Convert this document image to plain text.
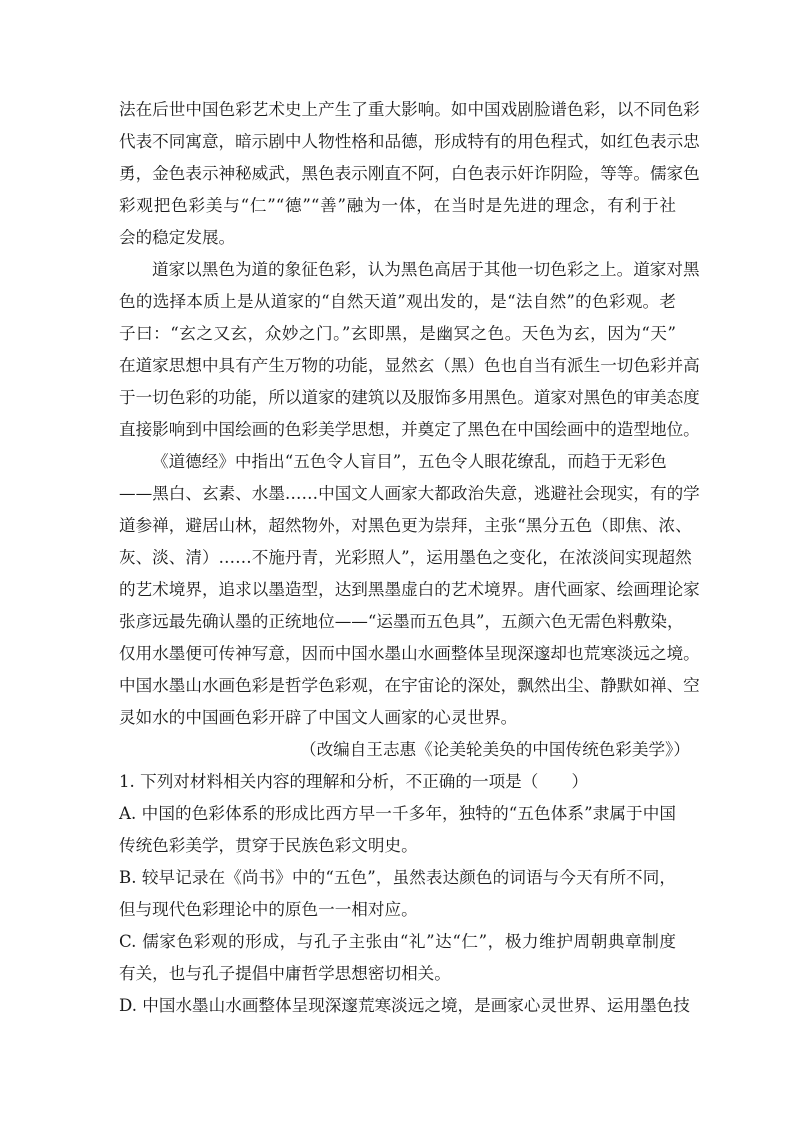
法在后世中国色彩艺术史上产生了重大影响。如中国戏剧脸谱色彩，以不同色彩
代表不同寓意，暗示剧中人物性格和品德，形成特有的用色程式，如红色表示忠
勇，金色表示神秘威武，黑色表示刚直不阿，白色表示奸诈阴险，等等。儒家色
彩观把色彩美与“仁”“德”“善”融为一体，在当时是先进的理念，有利于社
会的稳定发展。
道家以黑色为道的象征色彩，认为黑色高居于其他一切色彩之上。道家对黑
色的选择本质上是从道家的“自然天道”观出发的，是“法自然”的色彩观。老
子曰：“玄之又玄，众妙之门。”玄即黑，是幽冥之色。天色为玄，因为“天”
在道家思想中具有产生万物的功能，显然玄（黑）色也自当有派生一切色彩并高
于一切色彩的功能，所以道家的建筑以及服饰多用黑色。道家对黑色的审美态度
直接影响到中国绘画的色彩美学思想，并奠定了黑色在中国绘画中的造型地位。
《道德经》中指出“五色令人盲目”，五色令人眼花缭乱，而趋于无彩色
——黑白、玄素、水墨……中国文人画家大都政治失意，逃避社会现实，有的学
道参禅，避居山林，超然物外，对黑色更为崇拜，主张“黑分五色（即焦、浓、
灰、淡、清）……不施丹青，光彩照人”，运用墨色之变化，在浓淡间实现超然
的艺术境界，追求以墨造型，达到黑墨虚白的艺术境界。唐代画家、绘画理论家
张彦远最先确认墨的正统地位——“运墨而五色具”，五颜六色无需色料敷染，
仅用水墨便可传神写意，因而中国水墨山水画整体呈现深邃却也荒寒淡远之境。
中国水墨山水画色彩是哲学色彩观，在宇宙论的深处，飘然出尘、静默如禅、空
灵如水的中国画色彩开辟了中国文人画家的心灵世界。
（改编自王志惠《论美轮美奂的中国传统色彩美学》）
1. 下列对材料相关内容的理解和分析，不正确的一项是（　　）
A. 中国的色彩体系的形成比西方早一千多年，独特的“五色体系”隶属于中国
传统色彩美学，贯穿于民族色彩文明史。
B. 较早记录在《尚书》中的“五色”，虽然表达颜色的词语与今天有所不同，
但与现代色彩理论中的原色一一相对应。
C. 儒家色彩观的形成，与孔子主张由“礼”达“仁”，极力维护周朝典章制度
有关，也与孔子提倡中庸哲学思想密切相关。
D. 中国水墨山水画整体呈现深邃荒寒淡远之境，是画家心灵世界、运用墨色技
